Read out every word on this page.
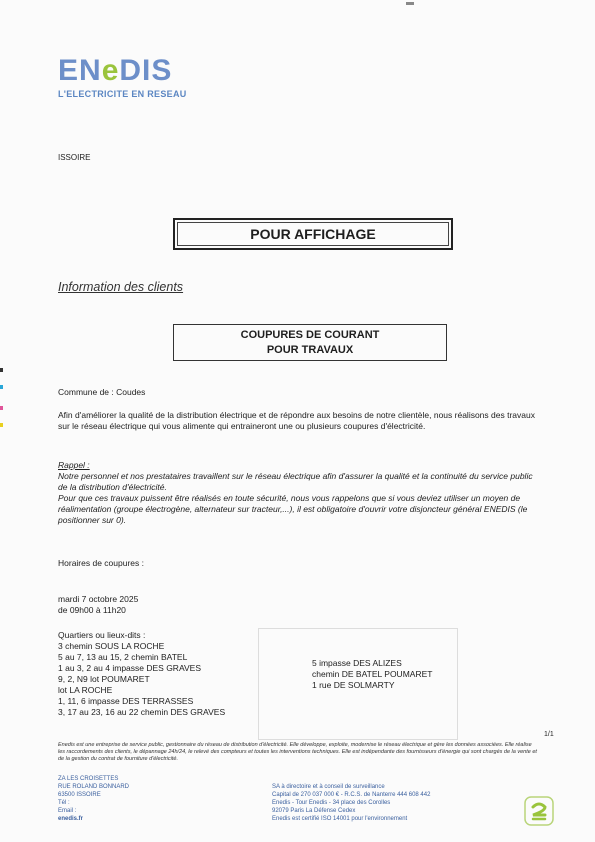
ENeDIS
L'ELECTRICITE EN RESEAU
ISSOIRE
POUR AFFICHAGE
Information des clients
COUPURES DE COURANT
POUR TRAVAUX
Commune de : Coudes
Afin d'améliorer la qualité de la distribution électrique et de répondre aux besoins de notre clientèle, nous réalisons des travaux sur le réseau électrique qui vous alimente qui entraineront une ou plusieurs coupures d'électricité.
Rappel :
Notre personnel et nos prestataires travaillent sur le réseau électrique afin d'assurer la qualité et la continuité du service public de la distribution d'électricité.
Pour que ces travaux puissent être réalisés en toute sécurité, nous vous rappelons que si vous deviez utiliser un moyen de réalimentation (groupe électrogène, alternateur sur tracteur,...), il est obligatoire d'ouvrir votre disjoncteur général ENEDIS (le positionner sur 0).
Horaires de coupures :
mardi 7 octobre 2025
de 09h00 à 11h20
Quartiers ou lieux-dits :
3 chemin SOUS LA ROCHE
5 au 7, 13 au 15, 2 chemin BATEL
1 au 3, 2 au 4 impasse DES GRAVES
9, 2, N9 lot POUMARET
lot LA ROCHE
1, 11, 6 impasse DES TERRASSES
3, 17 au 23, 16 au 22 chemin DES GRAVES
5 impasse DES ALIZES
chemin DE BATEL POUMARET
1 rue DE SOLMARTY
1/1
Enedis est une entreprise de service public, gestionnaire du réseau de distribution d'électricité. Elle développe, exploite, modernise le réseau électrique et gère les données associées. Elle réalise les raccordements des clients, le dépannage 24h/24, le relevé des compteurs et toutes les interventions techniques. Elle est indépendante des fournisseurs d'énergie qui sont chargés de la vente et de la gestion du contrat de fourniture d'électricité.
ZA LES CROISETTES
RUE ROLAND BONNARD
63500 ISSOIRE
Tél :
Email :
enedis.fr
SA à directoire et à conseil de surveillance
Capital de 270 037 000 € - R.C.S. de Nanterre 444 608 442
Enedis - Tour Enedis - 34 place des Corolles
92079 Paris La Défense Cedex
Enedis est certifié ISO 14001 pour l'environnement
